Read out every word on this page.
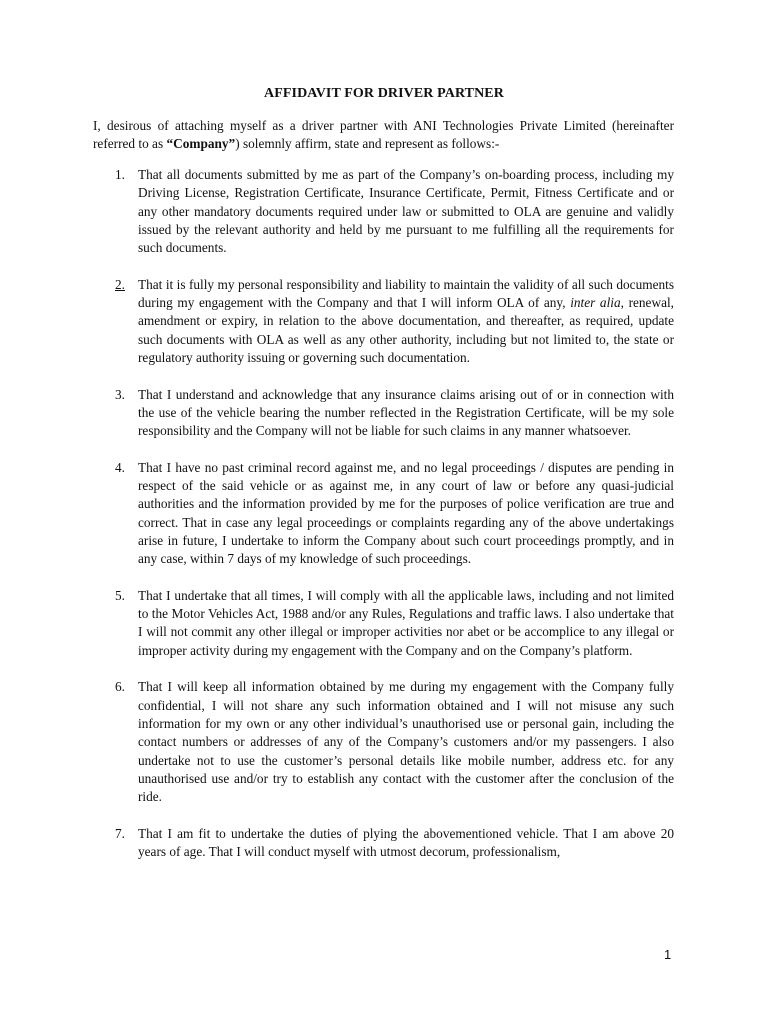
AFFIDAVIT FOR DRIVER PARTNER
I, desirous of attaching myself as a driver partner with ANI Technologies Private Limited (hereinafter referred to as “Company”) solemnly affirm, state and represent as follows:-
1. That all documents submitted by me as part of the Company’s on-boarding process, including my Driving License, Registration Certificate, Insurance Certificate, Permit, Fitness Certificate and or any other mandatory documents required under law or submitted to OLA are genuine and validly issued by the relevant authority and held by me pursuant to me fulfilling all the requirements for such documents.
2. That it is fully my personal responsibility and liability to maintain the validity of all such documents during my engagement with the Company and that I will inform OLA of any, inter alia, renewal, amendment or expiry, in relation to the above documentation, and thereafter, as required, update such documents with OLA as well as any other authority, including but not limited to, the state or regulatory authority issuing or governing such documentation.
3. That I understand and acknowledge that any insurance claims arising out of or in connection with the use of the vehicle bearing the number reflected in the Registration Certificate, will be my sole responsibility and the Company will not be liable for such claims in any manner whatsoever.
4. That I have no past criminal record against me, and no legal proceedings / disputes are pending in respect of the said vehicle or as against me, in any court of law or before any quasi-judicial authorities and the information provided by me for the purposes of police verification are true and correct. That in case any legal proceedings or complaints regarding any of the above undertakings arise in future, I undertake to inform the Company about such court proceedings promptly, and in any case, within 7 days of my knowledge of such proceedings.
5. That I undertake that all times, I will comply with all the applicable laws, including and not limited to the Motor Vehicles Act, 1988 and/or any Rules, Regulations and traffic laws. I also undertake that I will not commit any other illegal or improper activities nor abet or be accomplice to any illegal or improper activity during my engagement with the Company and on the Company’s platform.
6. That I will keep all information obtained by me during my engagement with the Company fully confidential, I will not share any such information obtained and I will not misuse any such information for my own or any other individual’s unauthorised use or personal gain, including the contact numbers or addresses of any of the Company’s customers and/or my passengers. I also undertake not to use the customer’s personal details like mobile number, address etc. for any unauthorised use and/or try to establish any contact with the customer after the conclusion of the ride.
7. That I am fit to undertake the duties of plying the abovementioned vehicle. That I am above 20 years of age. That I will conduct myself with utmost decorum, professionalism,
1
